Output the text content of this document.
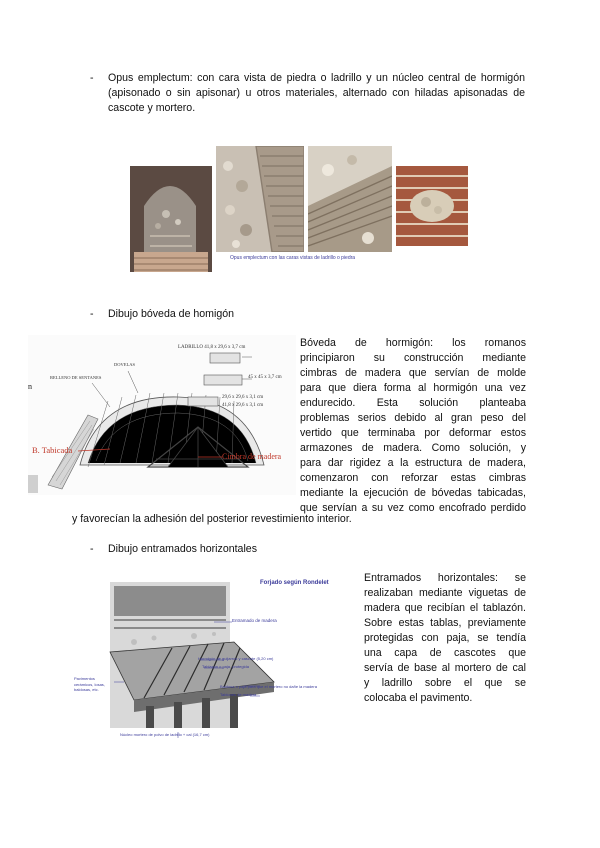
- Opus emplectum: con cara vista de piedra o ladrillo y un núcleo central de hormigón
(apisonado o sin apisonar) u otros materiales, alternado con hiladas apisonadas de
cascote y mortero.
Opus emplectum con las caras vistas de ladrillo o piedra
- Dibujo bóveda de homigón
n
B. Tabicada
Cimbra de madera
RELLENO DE SENTANES
DOVELAS
LADRILLO 41,8 x 29,6 x 3,7 cm
45 x 45 x 3,7 cm
29,6 x 29,6 x 3,1 cm
41,8 x 29,6 x 3,1 cm
Bóveda de hormigón: los romanos
principiaron su construcción mediante
cimbras de madera que servían de molde
para que diera forma al hormigón una vez
endurecido. Esta solución planteaba
problemas serios debido al gran peso del
vertido que terminaba por deformar estos
armazones de madera. Como solución, y
para dar rigidez a la estructura de madera,
comenzaron con reforzar estas cimbras
mediante la ejecución de bóvedas tabicadas,
que servían a su vez como encofrado perdido
y favorecían la adhesión del posterior revestimiento interior.
- Dibujo entramados horizontales
Forjado según Rondelet
Entramado de madera
Hormigón de guijarros y cascote (5,20 cm)
Tablazón o paja, protegida
Pavimentos cerámicos, losas, baldosas, etc.
Baldosa o paja para que el mortero no dañe la madera
Tablones de madera
Núcleo mortero de polvo de ladrillo + cal (16,7 cm)
Entramados horizontales: se
realizaban mediante viguetas de
madera que recibían el tablazón.
Sobre estas tablas, previamente
protegidas con paja, se tendía
una capa de cascotes que
servía de base al mortero de cal
y ladrillo sobre el que se
colocaba el pavimento.
